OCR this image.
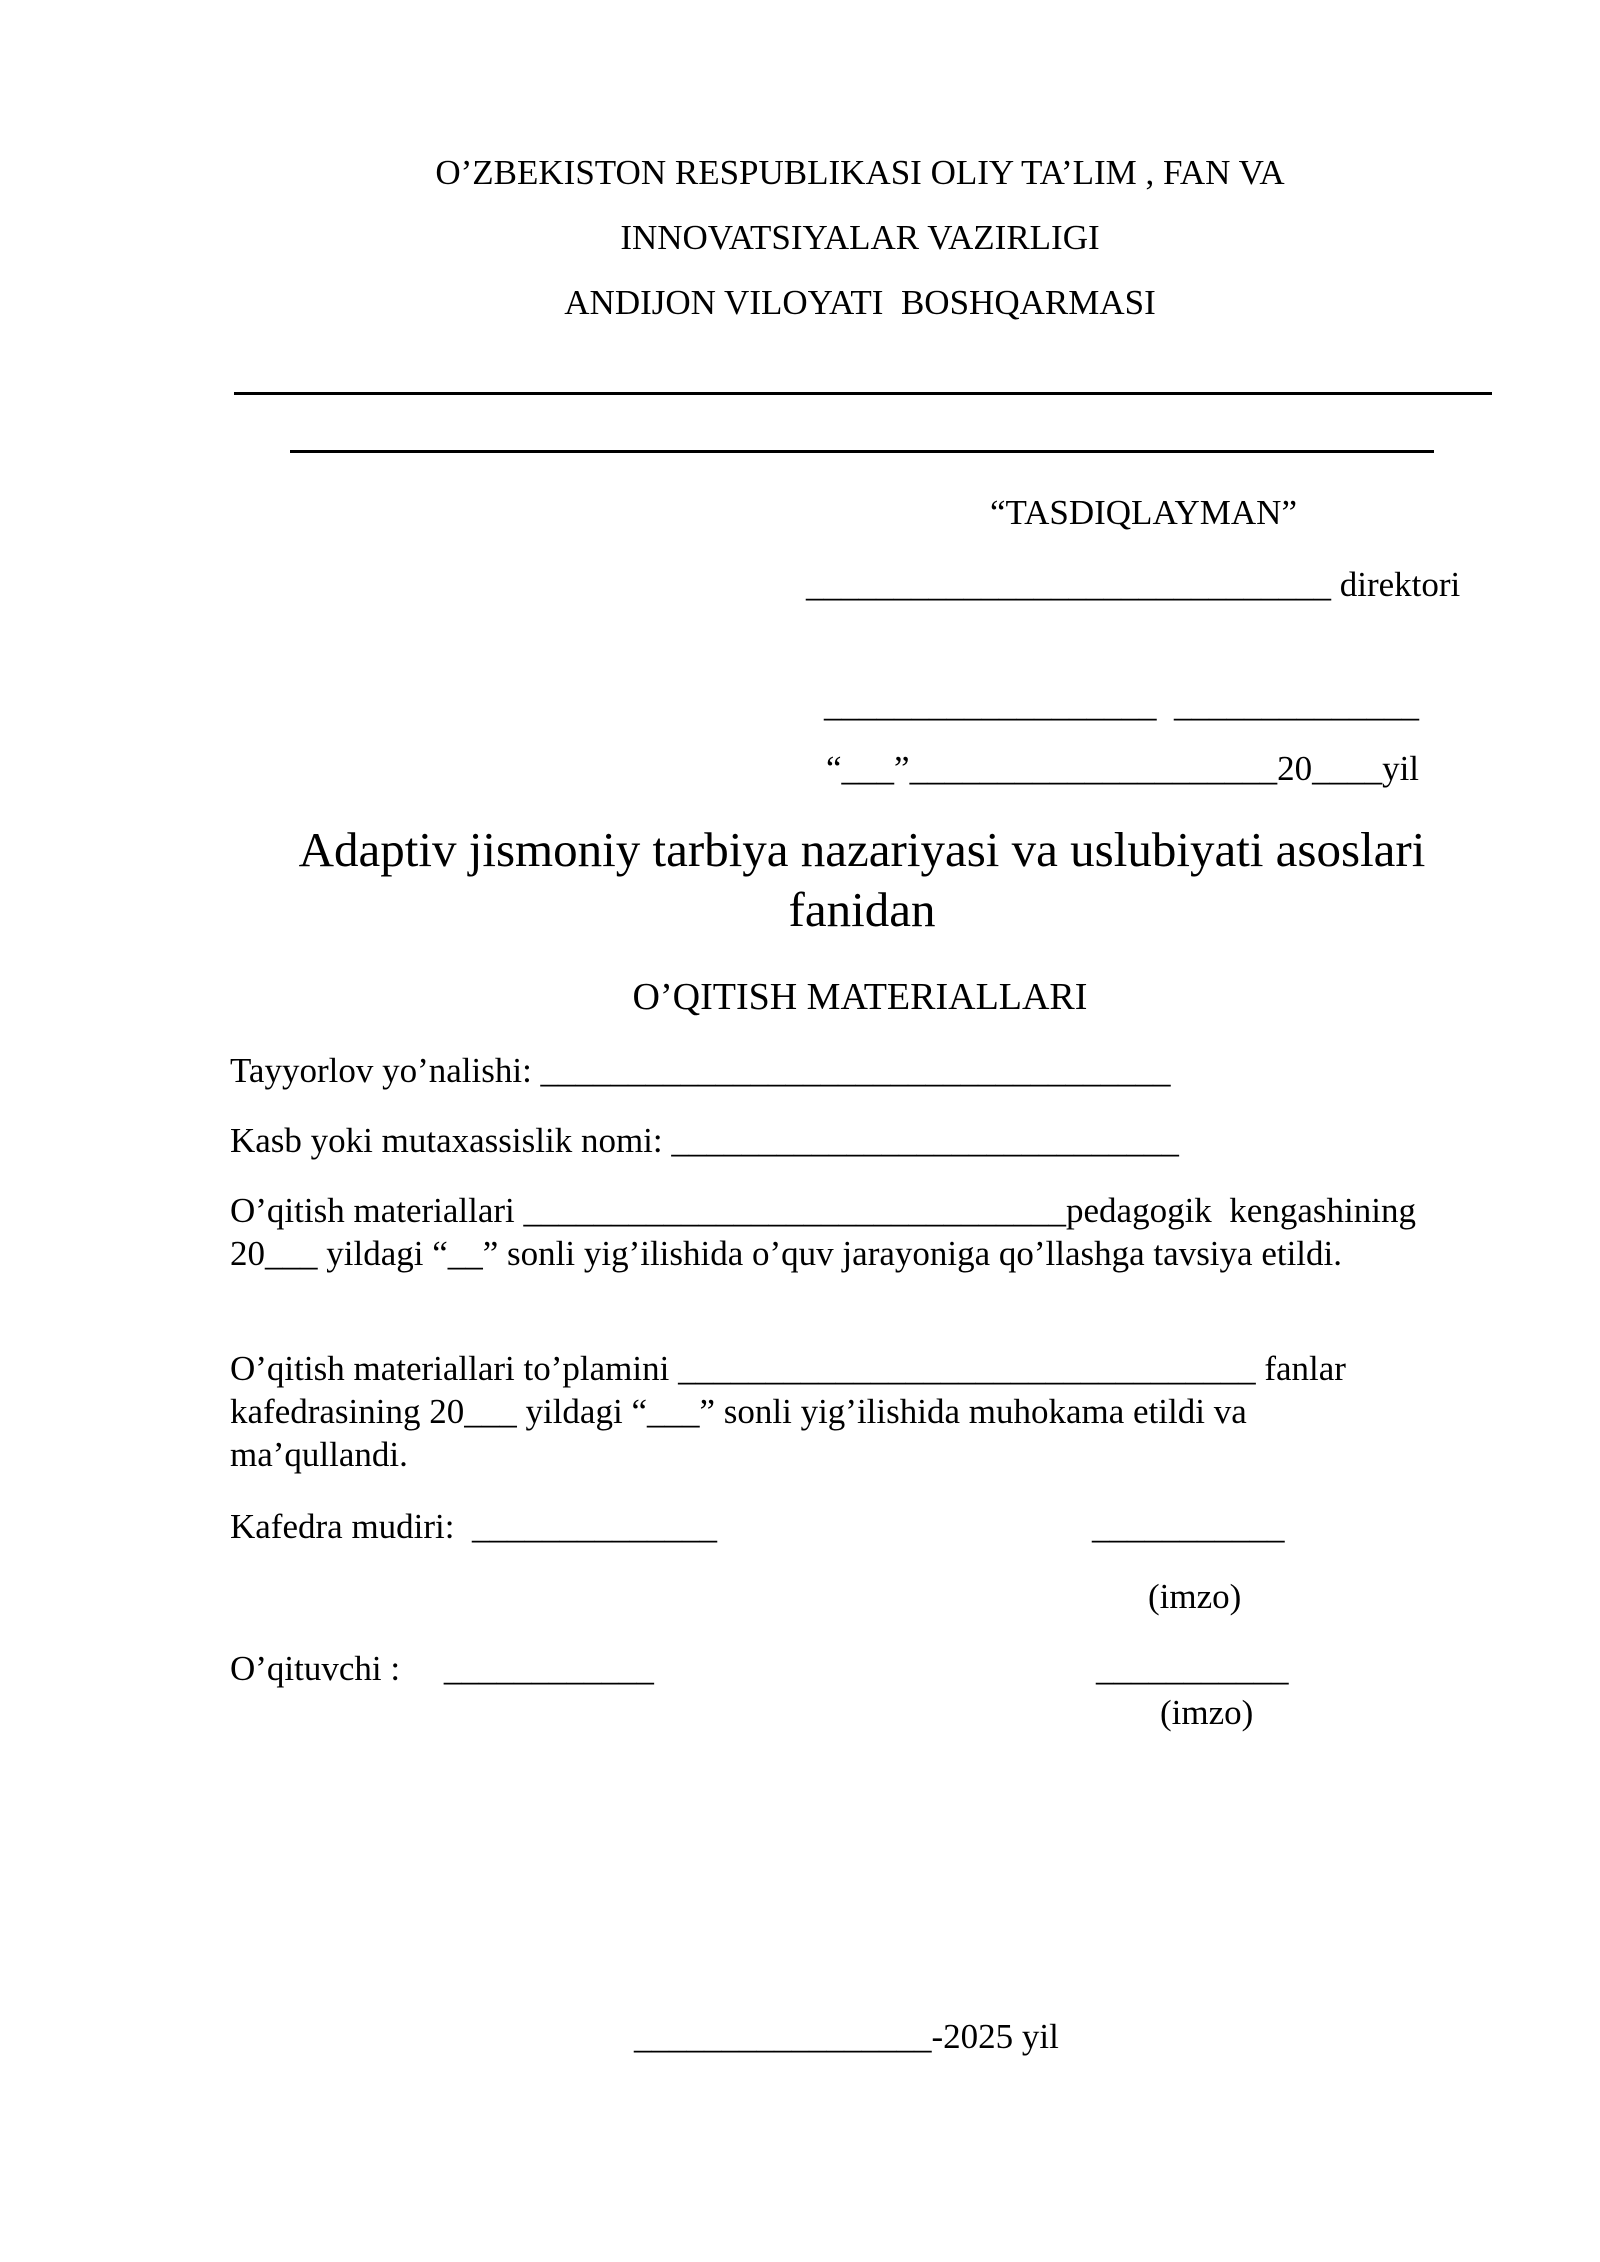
O’ZBEKISTON RESPUBLIKASI OLIY TA’LIM , FAN VA
INNOVATSIYALAR VAZIRLIGI
ANDIJON VILOYATI  BOSHQARMASI
“TASDIQLAYMAN”
______________________________ direktori
___________________  ______________
“___”_____________________20____yil
Adaptiv jismoniy tarbiya nazariyasi va uslubiyati asoslari fanidan
O’QITISH MATERIALLARI
Tayyorlov yo’nalishi: ____________________________________
Kasb yoki mutaxassislik nomi: _____________________________
O’qitish materiallari _______________________________pedagogik  kengashining
20___ yildagi “__” sonli yig’ilishida o’quv jarayoniga qo’llashga tavsiya etildi.
O’qitish materiallari to’plamini _________________________________ fanlar
kafedrasining 20___ yildagi “___” sonli yig’ilishida muhokama etildi va
ma’qullandi.
Kafedra mudiri:  ______________	___________
(imzo)
O’qituvchi :     ____________	___________
(imzo)
_________________-2025 yil
